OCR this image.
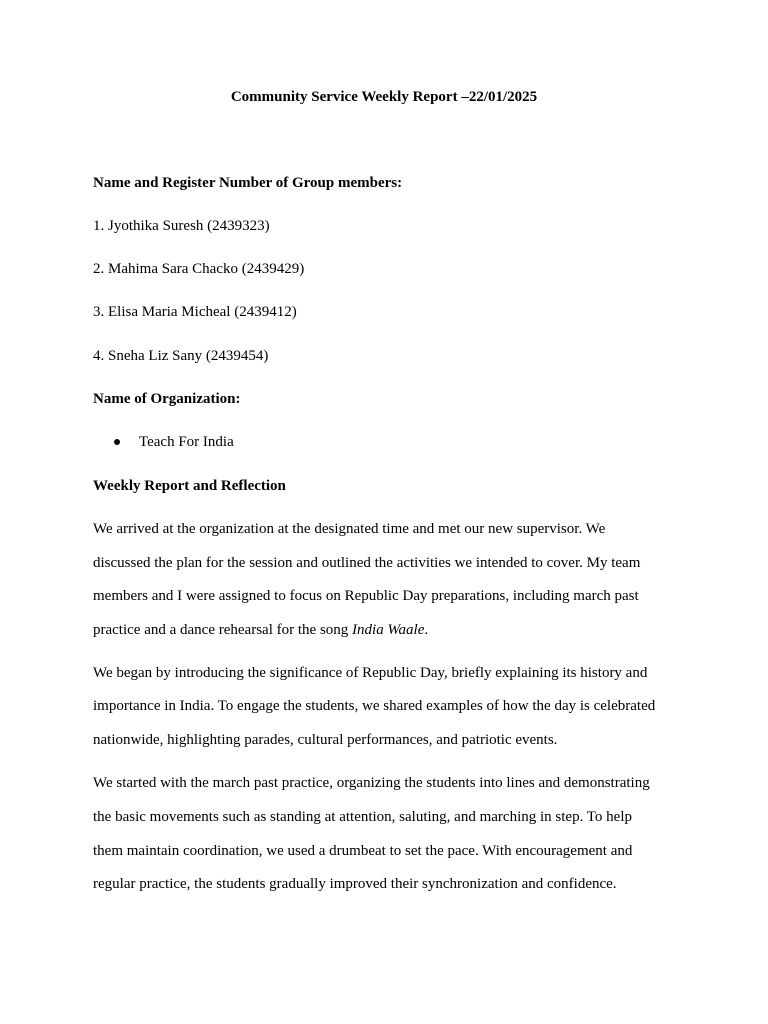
Community Service Weekly Report –22/01/2025
Name and Register Number of Group members:
1. Jyothika Suresh (2439323)
2. Mahima Sara Chacko (2439429)
3. Elisa Maria Micheal (2439412)
4. Sneha Liz Sany (2439454)
Name of Organization:
Teach For India
Weekly Report and Reflection
We arrived at the organization at the designated time and met our new supervisor. We
discussed the plan for the session and outlined the activities we intended to cover. My team
members and I were assigned to focus on Republic Day preparations, including march past
practice and a dance rehearsal for the song India Waale.
We began by introducing the significance of Republic Day, briefly explaining its history and
importance in India. To engage the students, we shared examples of how the day is celebrated
nationwide, highlighting parades, cultural performances, and patriotic events.
We started with the march past practice, organizing the students into lines and demonstrating
the basic movements such as standing at attention, saluting, and marching in step. To help
them maintain coordination, we used a drumbeat to set the pace. With encouragement and
regular practice, the students gradually improved their synchronization and confidence.
